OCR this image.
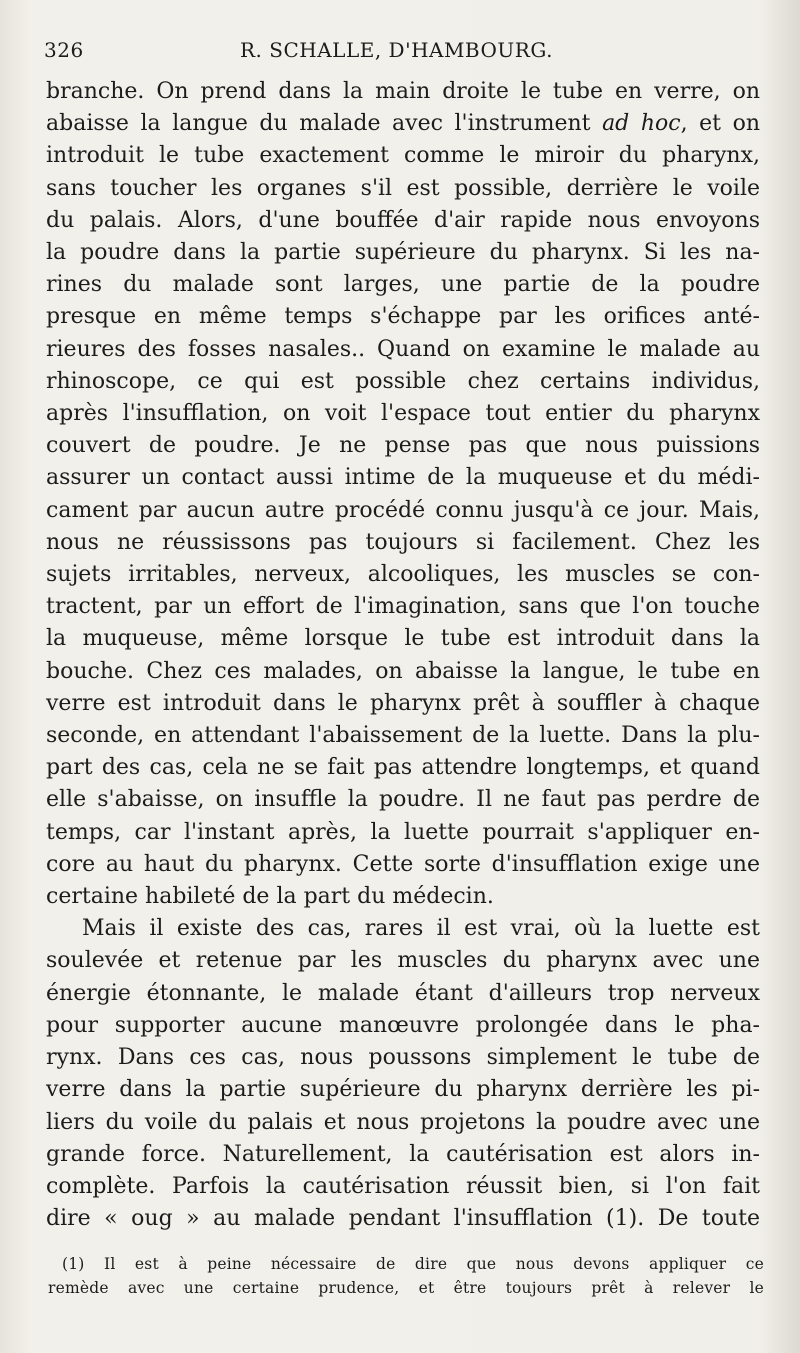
326	R. SCHALLE, D'HAMBOURG.
branche. On prend dans la main droite le tube en verre, on
abaisse la langue du malade avec l'instrument ad hoc, et on
introduit le tube exactement comme le miroir du pharynx,
sans toucher les organes s'il est possible, derrière le voile
du palais. Alors, d'une bouffée d'air rapide nous envoyons
la poudre dans la partie supérieure du pharynx. Si les na-
rines du malade sont larges, une partie de la poudre
presque en même temps s'échappe par les orifices anté-
rieures des fosses nasales.. Quand on examine le malade au
rhinoscope, ce qui est possible chez certains individus,
après l'insufflation, on voit l'espace tout entier du pharynx
couvert de poudre. Je ne pense pas que nous puissions
assurer un contact aussi intime de la muqueuse et du médi-
cament par aucun autre procédé connu jusqu'à ce jour. Mais,
nous ne réussissons pas toujours si facilement. Chez les
sujets irritables, nerveux, alcooliques, les muscles se con-
tractent, par un effort de l'imagination, sans que l'on touche
la muqueuse, même lorsque le tube est introduit dans la
bouche. Chez ces malades, on abaisse la langue, le tube en
verre est introduit dans le pharynx prêt à souffler à chaque
seconde, en attendant l'abaissement de la luette. Dans la plu-
part des cas, cela ne se fait pas attendre longtemps, et quand
elle s'abaisse, on insuffle la poudre. Il ne faut pas perdre de
temps, car l'instant après, la luette pourrait s'appliquer en-
core au haut du pharynx. Cette sorte d'insufflation exige une
certaine habileté de la part du médecin.
Mais il existe des cas, rares il est vrai, où la luette est
soulevée et retenue par les muscles du pharynx avec une
énergie étonnante, le malade étant d'ailleurs trop nerveux
pour supporter aucune manœuvre prolongée dans le pha-
rynx. Dans ces cas, nous poussons simplement le tube de
verre dans la partie supérieure du pharynx derrière les pi-
liers du voile du palais et nous projetons la poudre avec une
grande force. Naturellement, la cautérisation est alors in-
complète. Parfois la cautérisation réussit bien, si l'on fait
dire « oug » au malade pendant l'insufflation (1). De toute
(1) Il est à peine nécessaire de dire que nous devons appliquer ce
remède avec une certaine prudence, et être toujours prêt à relever le
